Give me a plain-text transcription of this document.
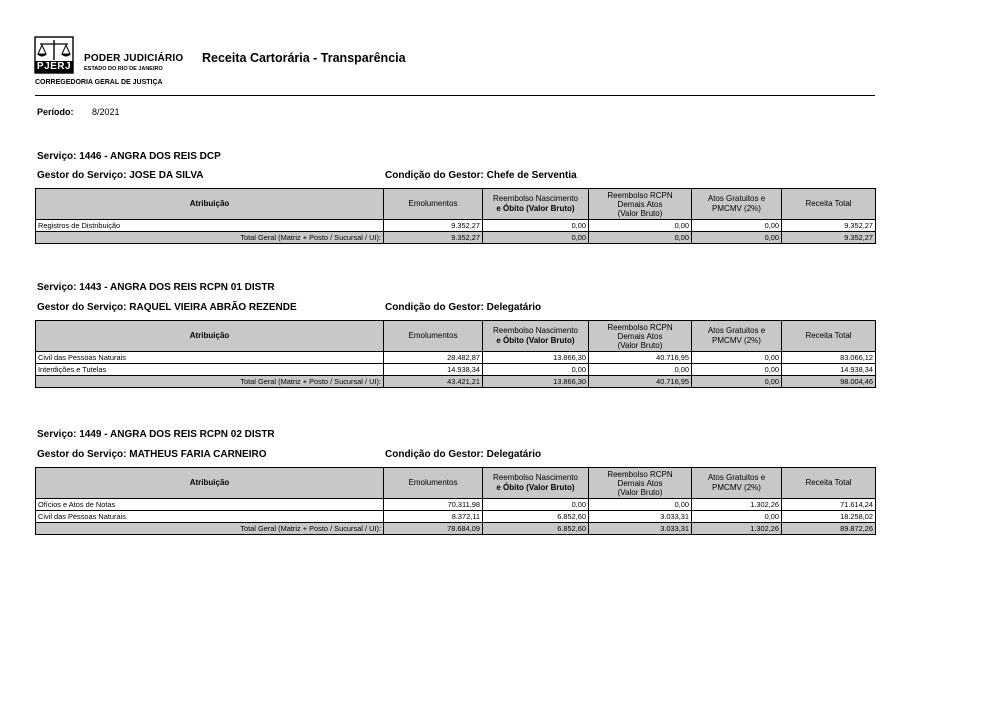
PJERJ
PODER JUDICIÁRIO
ESTADO DO RIO DE JANEIRO
CORREGEDORIA GERAL DE JUSTIÇA
Receita Cartorária - Transparência
Período: 8/2021
Serviço: 1446 - ANGRA DOS REIS DCP
Gestor do Serviço: JOSE DA SILVA	Condição do Gestor: Chefe de Serventia
Atribuição	Emolumentos	Reembolso Nascimento
e Óbito (Valor Bruto)	Reembolso RCPN
Demais Atos
(Valor Bruto)	Atos Gratuitos e
PMCMV (2%)	Receita Total
Registros de Distribuição	9.352,27	0,00	0,00	0,00	9.352,27
Total Geral (Matriz + Posto / Sucursal / UI):	9.352,27	0,00	0,00	0,00	9.352,27
Serviço: 1443 - ANGRA DOS REIS RCPN 01 DISTR
Gestor do Serviço: RAQUEL VIEIRA ABRÃO REZENDE	Condição do Gestor: Delegatário
Atribuição	Emolumentos	Reembolso Nascimento
e Óbito (Valor Bruto)	Reembolso RCPN
Demais Atos
(Valor Bruto)	Atos Gratuitos e
PMCMV (2%)	Receita Total
Civil das Pessoas Naturais	28.482,87	13.866,30	40.716,95	0,00	83.066,12
Interdições e Tutelas	14.938,34	0,00	0,00	0,00	14.938,34
Total Geral (Matriz + Posto / Sucursal / UI):	43.421,21	13.866,30	40.716,95	0,00	98.004,46
Serviço: 1449 - ANGRA DOS REIS RCPN 02 DISTR
Gestor do Serviço: MATHEUS FARIA CARNEIRO	Condição do Gestor: Delegatário
Atribuição	Emolumentos	Reembolso Nascimento
e Óbito (Valor Bruto)	Reembolso RCPN
Demais Atos
(Valor Bruto)	Atos Gratuitos e
PMCMV (2%)	Receita Total
Ofícios e Atos de Notas	70.311,98	0,00	0,00	1.302,26	71.614,24
Civil das Pessoas Naturais	8.372,11	6.852,60	3.033,31	0,00	18.258,02
Total Geral (Matriz + Posto / Sucursal / UI):	78.684,09	6.852,60	3.033,31	1.302,26	89.872,26
